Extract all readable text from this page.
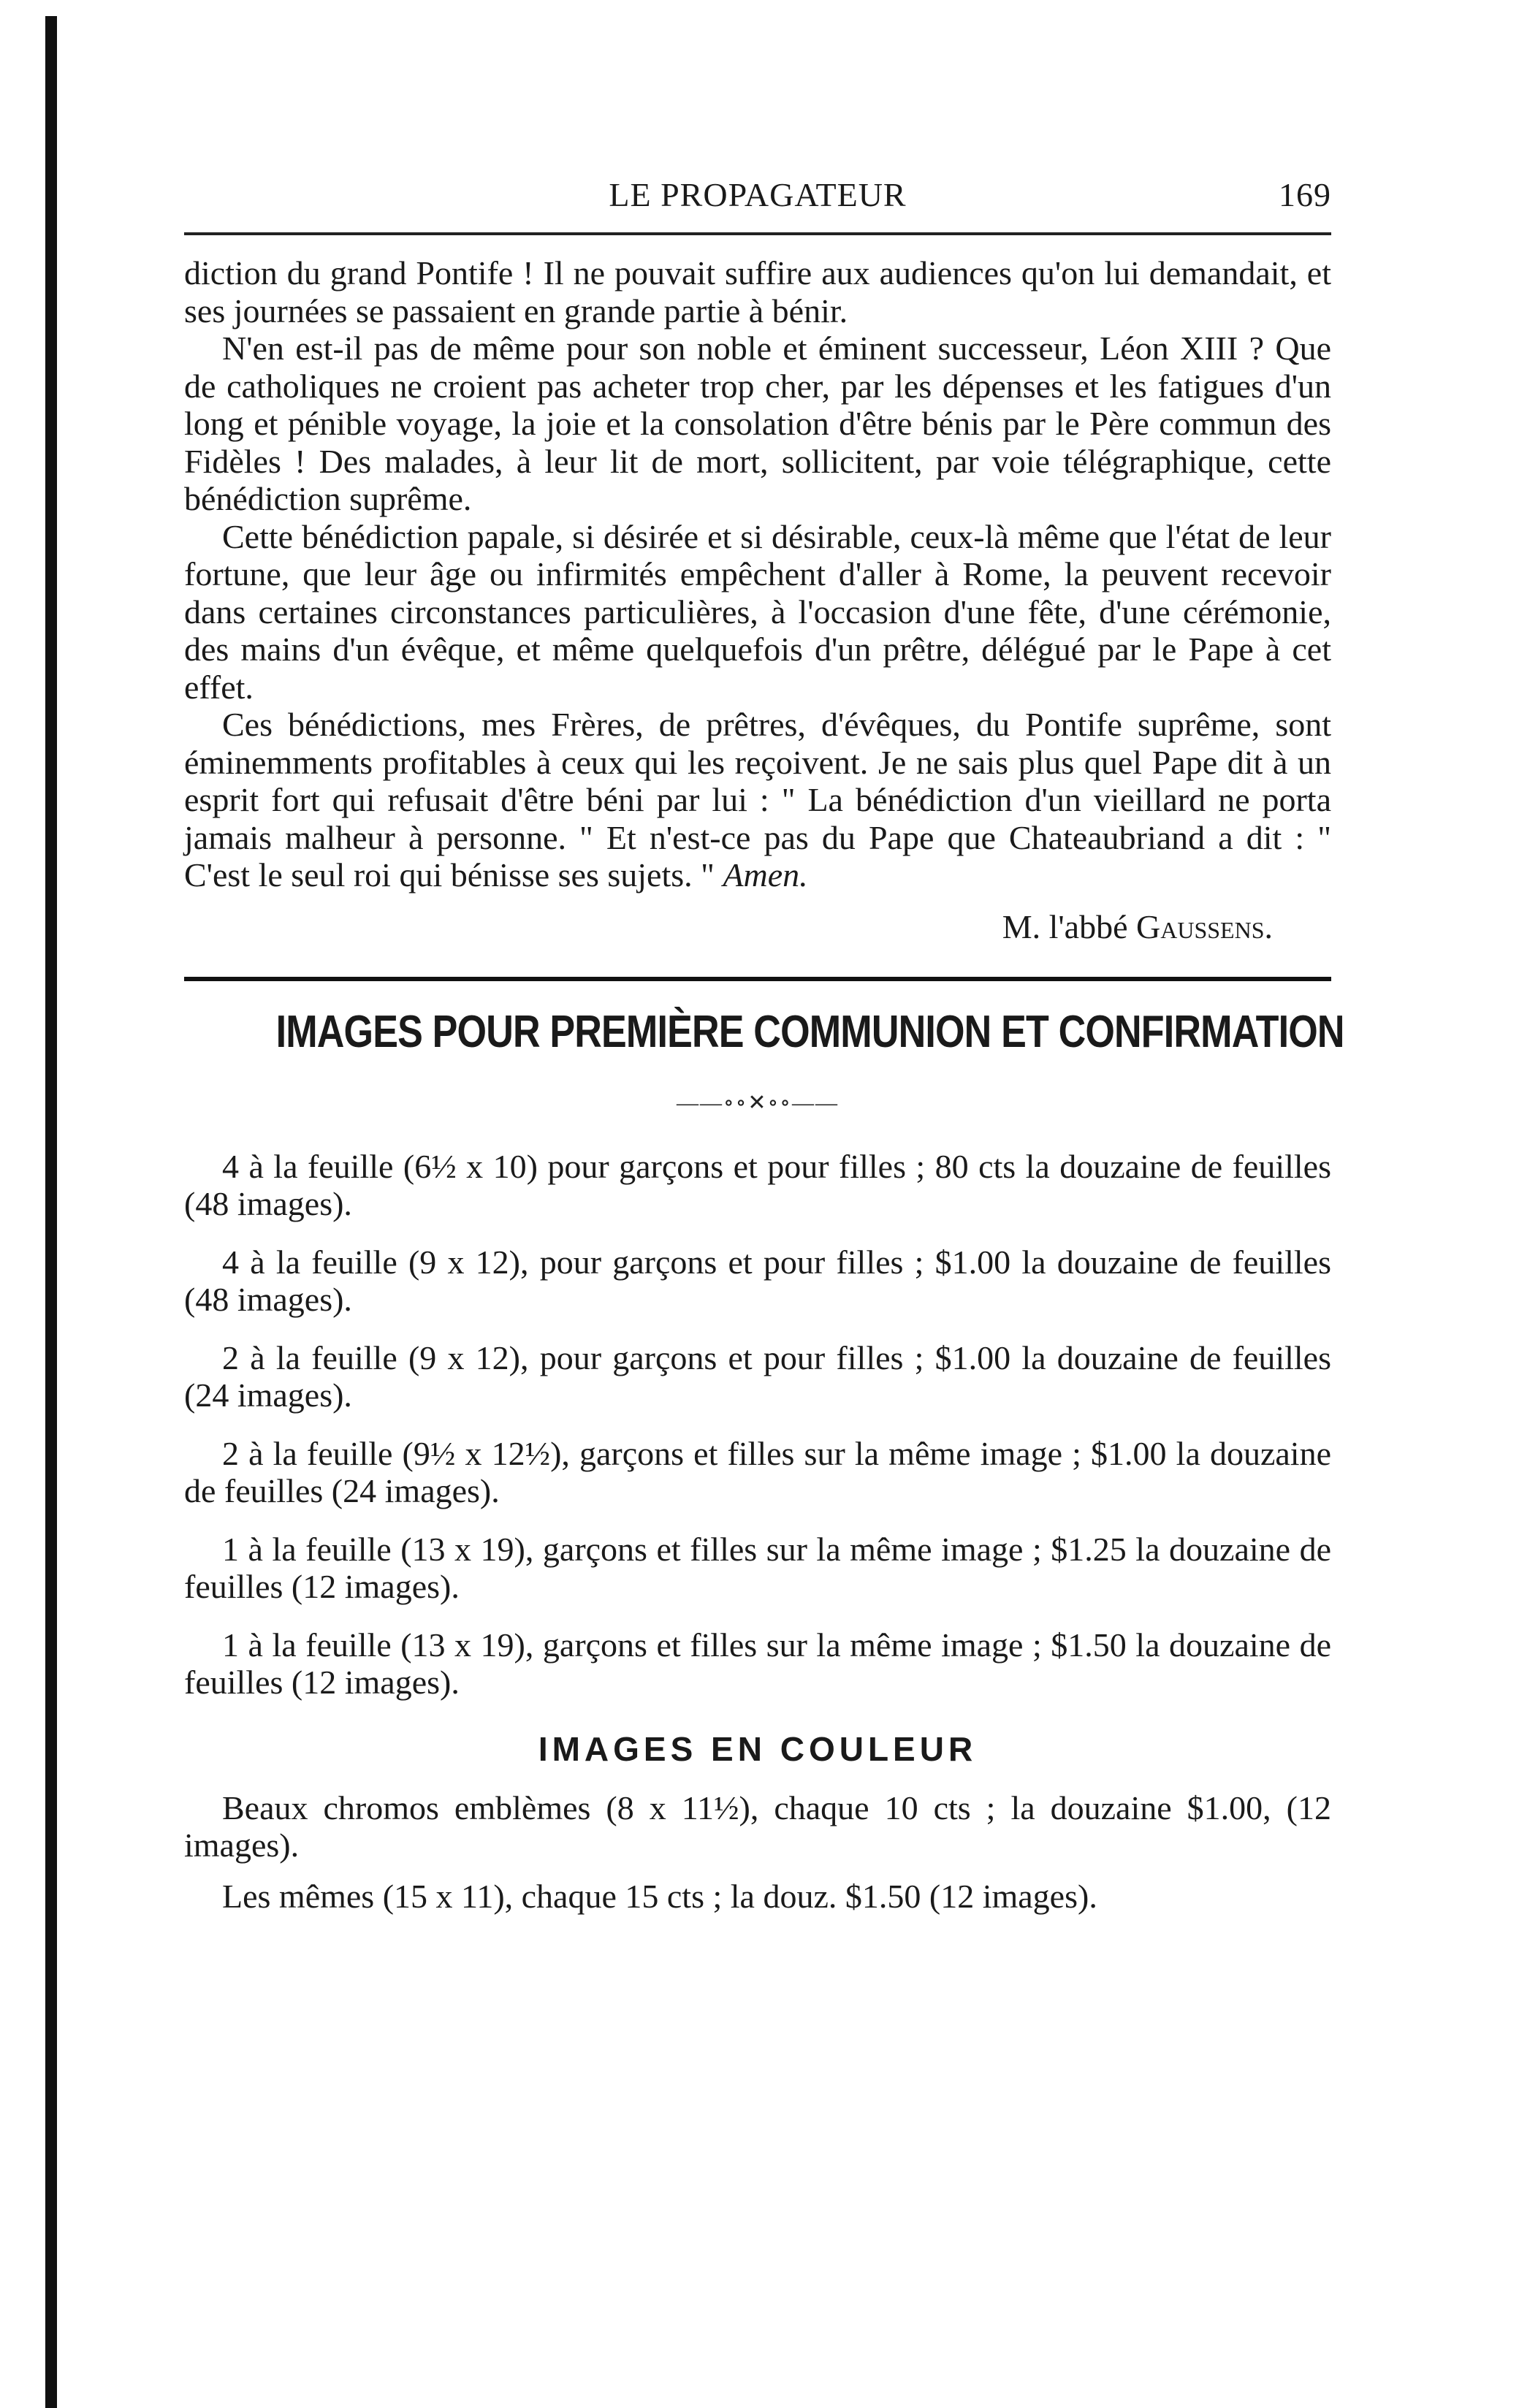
LE PROPAGATEUR	169

diction du grand Pontife ! Il ne pouvait suffire aux audiences qu'on lui demandait, et ses journées se passaient en grande partie à bénir.

N'en est-il pas de même pour son noble et éminent successeur, Léon XIII ? Que de catholiques ne croient pas acheter trop cher, par les dépenses et les fatigues d'un long et pénible voyage, la joie et la consolation d'être bénis par le Père commun des Fidèles ! Des malades, à leur lit de mort, sollicitent, par voie télégraphique, cette bénédiction suprême.

Cette bénédiction papale, si désirée et si désirable, ceux-là même que l'état de leur fortune, que leur âge ou infirmités empêchent d'aller à Rome, la peuvent recevoir dans certaines circonstances particulières, à l'occasion d'une fête, d'une cérémonie, des mains d'un évêque, et même quelquefois d'un prêtre, délégué par le Pape à cet effet.

Ces bénédictions, mes Frères, de prêtres, d'évêques, du Pontife suprême, sont éminemments profitables à ceux qui les reçoivent. Je ne sais plus quel Pape dit à un esprit fort qui refusait d'être béni par lui : " La bénédiction d'un vieillard ne porta jamais malheur à personne. " Et n'est-ce pas du Pape que Chateaubriand a dit : " C'est le seul roi qui bénisse ses sujets. " Amen.

M. l'abbé Gaussens.
IMAGES POUR PREMIÈRE COMMUNION ET CONFIRMATION
——∘∘✕∘∘——

4 à la feuille (6½ x 10) pour garçons et pour filles ; 80 cts la douzaine de feuilles (48 images).

4 à la feuille (9 x 12), pour garçons et pour filles ; $1.00 la douzaine de feuilles (48 images).

2 à la feuille (9 x 12), pour garçons et pour filles ; $1.00 la douzaine de feuilles (24 images).

2 à la feuille (9½ x 12½), garçons et filles sur la même image ; $1.00 la douzaine de feuilles (24 images).

1 à la feuille (13 x 19), garçons et filles sur la même image ; $1.25 la douzaine de feuilles (12 images).

1 à la feuille (13 x 19), garçons et filles sur la même image ; $1.50 la douzaine de feuilles (12 images).

IMAGES EN COULEUR

Beaux chromos emblèmes (8 x 11½), chaque 10 cts ; la douzaine $1.00, (12 images).

Les mêmes (15 x 11), chaque 15 cts ; la douz. $1.50 (12 images).
